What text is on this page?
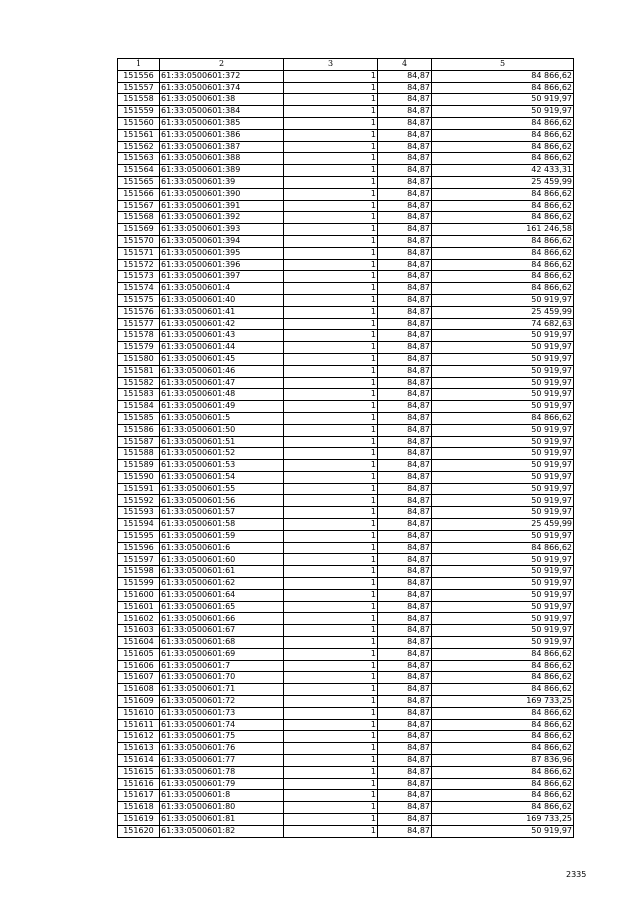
1	2	3	4	5
151556	61:33:0500601:372	1	84,87	84 866,62
151557	61:33:0500601:374	1	84,87	84 866,62
151558	61:33:0500601:38	1	84,87	50 919,97
151559	61:33:0500601:384	1	84,87	50 919,97
151560	61:33:0500601:385	1	84,87	84 866,62
151561	61:33:0500601:386	1	84,87	84 866,62
151562	61:33:0500601:387	1	84,87	84 866,62
151563	61:33:0500601:388	1	84,87	84 866,62
151564	61:33:0500601:389	1	84,87	42 433,31
151565	61:33:0500601:39	1	84,87	25 459,99
151566	61:33:0500601:390	1	84,87	84 866,62
151567	61:33:0500601:391	1	84,87	84 866,62
151568	61:33:0500601:392	1	84,87	84 866,62
151569	61:33:0500601:393	1	84,87	161 246,58
151570	61:33:0500601:394	1	84,87	84 866,62
151571	61:33:0500601:395	1	84,87	84 866,62
151572	61:33:0500601:396	1	84,87	84 866,62
151573	61:33:0500601:397	1	84,87	84 866,62
151574	61:33:0500601:4	1	84,87	84 866,62
151575	61:33:0500601:40	1	84,87	50 919,97
151576	61:33:0500601:41	1	84,87	25 459,99
151577	61:33:0500601:42	1	84,87	74 682,63
151578	61:33:0500601:43	1	84,87	50 919,97
151579	61:33:0500601:44	1	84,87	50 919,97
151580	61:33:0500601:45	1	84,87	50 919,97
151581	61:33:0500601:46	1	84,87	50 919,97
151582	61:33:0500601:47	1	84,87	50 919,97
151583	61:33:0500601:48	1	84,87	50 919,97
151584	61:33:0500601:49	1	84,87	50 919,97
151585	61:33:0500601:5	1	84,87	84 866,62
151586	61:33:0500601:50	1	84,87	50 919,97
151587	61:33:0500601:51	1	84,87	50 919,97
151588	61:33:0500601:52	1	84,87	50 919,97
151589	61:33:0500601:53	1	84,87	50 919,97
151590	61:33:0500601:54	1	84,87	50 919,97
151591	61:33:0500601:55	1	84,87	50 919,97
151592	61:33:0500601:56	1	84,87	50 919,97
151593	61:33:0500601:57	1	84,87	50 919,97
151594	61:33:0500601:58	1	84,87	25 459,99
151595	61:33:0500601:59	1	84,87	50 919,97
151596	61:33:0500601:6	1	84,87	84 866,62
151597	61:33:0500601:60	1	84,87	50 919,97
151598	61:33:0500601:61	1	84,87	50 919,97
151599	61:33:0500601:62	1	84,87	50 919,97
151600	61:33:0500601:64	1	84,87	50 919,97
151601	61:33:0500601:65	1	84,87	50 919,97
151602	61:33:0500601:66	1	84,87	50 919,97
151603	61:33:0500601:67	1	84,87	50 919,97
151604	61:33:0500601:68	1	84,87	50 919,97
151605	61:33:0500601:69	1	84,87	84 866,62
151606	61:33:0500601:7	1	84,87	84 866,62
151607	61:33:0500601:70	1	84,87	84 866,62
151608	61:33:0500601:71	1	84,87	84 866,62
151609	61:33:0500601:72	1	84,87	169 733,25
151610	61:33:0500601:73	1	84,87	84 866,62
151611	61:33:0500601:74	1	84,87	84 866,62
151612	61:33:0500601:75	1	84,87	84 866,62
151613	61:33:0500601:76	1	84,87	84 866,62
151614	61:33:0500601:77	1	84,87	87 836,96
151615	61:33:0500601:78	1	84,87	84 866,62
151616	61:33:0500601:79	1	84,87	84 866,62
151617	61:33:0500601:8	1	84,87	84 866,62
151618	61:33:0500601:80	1	84,87	84 866,62
151619	61:33:0500601:81	1	84,87	169 733,25
151620	61:33:0500601:82	1	84,87	50 919,97
2335
